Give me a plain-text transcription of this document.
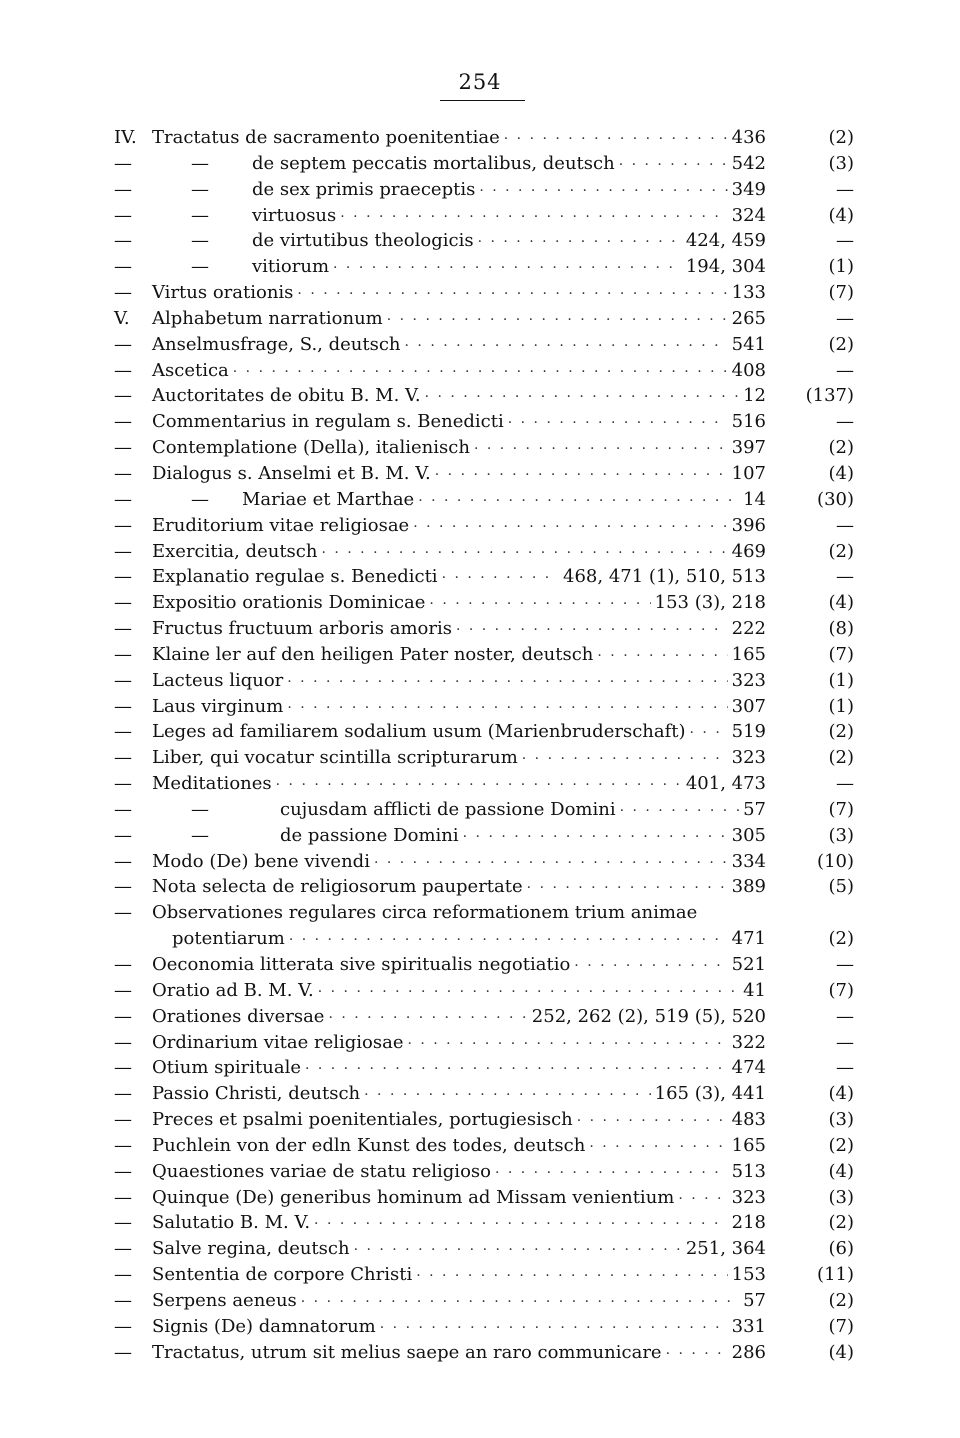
254
IV. Tractatus de sacramento poenitentiae · · ·	436	(2)
—	— de septem peccatis mortalibus, deutsch · · ·	542	(3)
—	— de sex primis praeceptis · · ·	349	—
—	— virtuosus · · ·	324	(4)
—	— de virtutibus theologicis · · ·	424, 459	—
—	— vitiorum · · ·	194, 304	(1)
— Virtus orationis · · ·	133	(7)
V. Alphabetum narrationum · · ·	265	—
— Anselmusfrage, S., deutsch · · ·	541	(2)
— Ascetica · · ·	408	—
— Auctoritates de obitu B. M. V. · · ·	12	(137)
— Commentarius in regulam s. Benedicti · · ·	516	—
— Contemplatione (Della), italienisch · · ·	397	(2)
— Dialogus s. Anselmi et B. M. V. · · ·	107	(4)
—	— Mariae et Marthae · · ·	14	(30)
— Eruditorium vitae religiosae · · ·	396	—
— Exercitia, deutsch · · ·	469	(2)
— Explanatio regulae s. Benedicti · · ·	468, 471 (1), 510, 513	—
— Expositio orationis Dominicae · · ·	153 (3), 218	(4)
— Fructus fructuum arboris amoris · · ·	222	(8)
— Klaine ler auf den heiligen Pater noster, deutsch · · ·	165	(7)
— Lacteus liquor · · ·	323	(1)
— Laus virginum · · ·	307	(1)
— Leges ad familiarem sodalium usum (Marienbruderschaft) · · ·	519	(2)
— Liber, qui vocatur scintilla scripturarum · · ·	323	(2)
— Meditationes · · ·	401, 473	—
—	—	cujusdam afflicti de passione Domini · · ·	57	(7)
—	—	de passione Domini · · ·	305	(3)
— Modo (De) bene vivendi · · ·	334	(10)
— Nota selecta de religiosorum paupertate · · ·	389	(5)
— Observationes regulares circa reformationem trium animae
potentiarum · · ·	471	(2)
— Oeconomia litterata sive spiritualis negotiatio · · ·	521	—
— Oratio ad B. M. V. · · ·	41	(7)
— Orationes diversae · · ·	252, 262 (2), 519 (5), 520	—
— Ordinarium vitae religiosae · · ·	322	—
— Otium spirituale · · ·	474	—
— Passio Christi, deutsch · · ·	165 (3), 441	(4)
— Preces et psalmi poenitentiales, portugiesisch · · ·	483	(3)
— Puchlein von der edln Kunst des todes, deutsch · · ·	165	(2)
— Quaestiones variae de statu religioso · · ·	513	(4)
— Quinque (De) generibus hominum ad Missam venientium · · ·	323	(3)
— Salutatio B. M. V. · · ·	218	(2)
— Salve regina, deutsch · · ·	251, 364	(6)
— Sententia de corpore Christi · · ·	153	(11)
— Serpens aeneus · · ·	57	(2)
— Signis (De) damnatorum · · ·	331	(7)
— Tractatus, utrum sit melius saepe an raro communicare · · ·	286	(4)
